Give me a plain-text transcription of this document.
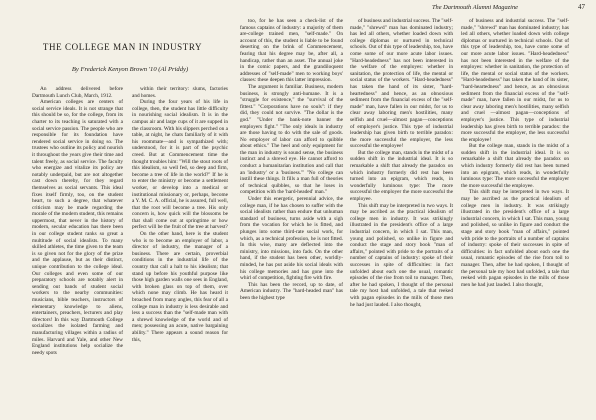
The Dartmouth Alumni Magazine	47
THE COLLEGE MAN IN INDUSTRY
By Frederick Kenyon Brown '10 (Al Priddy)

An address delivered before Dartmouth Lunch Club, March, 1912.

American colleges are centers of social service ideals. It is not strange that this should be so, for the college, from its charter to its teaching is saturated with a social service passion. The people who are responsible for its foundation have rendered social service in doing so. The trustees who outline its policy and nourish it throughout the years give their time and talent freely, as social service. The faculty who energize and vitalize its policy are notably underpaid, but are not altogether cast down thereby, for they regard themselves as social servants. This ideal fixes itself firmly, too, on the student heart, to such a degree, that whatever criticism may be made regarding the morale of the modern student, this remains uppermost, that never in the history of modern, secular education has there been in our college student ranks so great a multitude of social idealists. To many skilled athletes, the time given to the team is so given not for the glory of the prize and the applause, but as their distinct, unique contribution to the college ideal. Our colleges and even some of our preparatory schools are notably alert in sending out bands of student social workers to the nearby communities: musicians, bible teachers, instructors of elementary knowledge to aliens, entertainers, preachers, lecturers and play directors! In this way Dartmouth College socializes the isolated farming and manufacturing villages within a radius of miles. Harvard and Yale, and other New England institutions help socialize the needy spots

within their territory: slums, factories and homes.

During the four years of his life in college, then, the student has little difficulty in nourishing social idealism. It is in the campus air and large cups of it are supped in the classroom. With his slippers perched on a table, at night, he chats familiarly of it with his roommate—and is sympathized with; understood, for it is part of the psychic creed. But at Commencement time the thought troubles him: "Will the stout roots of this idealism, so well fed, so deep and firm, become a tree of life in the world?" If he is to enter the ministry or become a settlement worker, or develop into a medical or institutional missionary or, perhaps, become a Y. M. C. A. official, he is assured, full well, that the root will become a tree. His only concern is, how quick will the blossoms be that shall come out at springtime or how perfect will be the fruit of the tree at harvest?

On the other hand, here is the student who is to become an employer of labor, a director of industry, the manager of a business. There are certain, proverbial conditions in the industrial life of the country that call a halt to his idealism; that stand up before his youthful purpose like those high garden walls one sees in England, with broken glass on top of them, over which none may climb. He has heard it broached from many angles, this fear of all a college man in industry is less desirable and less a success than the "self-made man with a shrewd knowledge of the world and of men; possessing an acute, native bargaining ability." There appears a sound reason for this,

too, for he has seen a check-list of the famous captains of industry: a majority of them are-college trained men, "self-made." On account of this, the student is liable to be found deserting on the brink of Commencement, fearing that his degree may be, after all, a handicap, rather than an asset. The annual joke in the comic papers, and the grandiloquent addresses of "self-made" men to working boys' classes: these deepen this latter impression.

The argument is familiar. Business, modern business, is strongly anti-humane. It is a "struggle for existence," the "survival of the fittest." "Corporations have no souls": if they did, they could not survive. "The dollar is the god." "Under the bank-note banner the employers fight." "The only ideals in industry are those having to do with the sale of goods. No employer of labor can afford to quibble about ethics." The heel and only equipment for the man in industry is sound sense, the business instinct and a shrewd eye. He cannot afford to conduct a humanitarian institution and call that an 'industry' or a 'business.'" "No college can instill these things. It fills a man full of theories of technical quibbles, so that he loses in competition with the 'hard-headed' man."

Under this energetic, perennial advice, the college man, if he has chosen to suffer with the social idealists rather than endure that unhuman standard of business, turns aside with a sigh from the vocation for which he is fitted, and plunges into some third-rate social work, for which, as a technical profession, he is not fitted. In this wise, many are deflected into the ministry, into missions, into fads. On the other hand, if the student has been other, worldly-minded, he has put aside his social ideals with his college memories and has gone into the whirl of competition, fighting fire with fire.

This has been the record, up to date, of American industry. The "hard-headed man" has been the highest type

of business and industrial success. The "self-made," "shrewd" man has dominated industry; has led all others, whether loaded down with college diplomas or nurtured in technical schools. Out of this type of leadership, too, have come some of our more acute labor issues. "Hard-headedness" has not been interested in the welfare of the employes: whether in sanitation, the protection of life, the mental or social status of the workers. "Hard-headedness" has taken the hand of its sister, "hard-heartedness" and hence, as an obnoxious sediment from the financial excess of the "self-made" man, have fallen in our midst, for us to clear away laboring men's hostilities, many selfish and cruel—almost pagan—conceptions of employer's justice. This type of industrial leadership has given birth to terrible paradox: the more successful the employer, the less successful the employee!

But the college man, stands in the midst of a sudden shift in the industrial ideal. It is so remarkable a shift that already the paradox on which industry formerly did rest has been turned into an epigram, which reads, in wonderfully luminous type: The more successful the employer the more successful the employee.

This shift may be interpreted in two ways. It may be ascribed as the practical idealism of college men in industry. It was strikingly illustrated in the president's office of a large industrial concern, in which I sat. This man, young and polished, so unlike in figure and conduct the stage and story book "man of affairs," pointed with pride to the portraits of a number of captains of industry: spoke of their successes in spite of difficulties: in fact unfolded about each one the usual, romantic episodes of the rise from toil to manager. Then, after he had spoken, I thought of the personal tale my host had unfolded, a tale that reeked with pagan episodes in the mills of those men he had just lauded. I also thought,

of business and industrial success. The "self-made," "shrewd" man has dominated industry; has led all others, whether loaded down with college diplomas or nurtured in technical schools. Out of this type of leadership, too, have come some of our more acute labor issues. "Hard-headedness" has not been interested in the welfare of the employes: whether in sanitation, the protection of life, the mental or social status of the workers. "Hard-headedness" has taken the hand of its sister, "hard-heartedness" and hence, as an obnoxious sediment from the financial excess of the "self-made" man, have fallen in our midst, for us to clear away laboring men's hostilities, many selfish and cruel —almost pagan—conceptions of employer's justice. This type of industrial leadership has given birth to terrible paradox: the more successful the employer, the less successful the employee!

But the college man, stands in the midst of a sudden shift in the industrial ideal. It is so remarkable a shift that already the paradox on which industry formerly did rest has been turned into an epigram, which reads, in wonderfully luminous type: The more successful the employer the more successful the employee.

This shift may be interpreted in two ways. It may be ascribed as the practical idealism of college men in industry. It was strikingly illustrated in the president's office of a large industrial concern, in which I sat. This man, young and polished, so unlike in figure and conduct the stage and story book "man of affairs," pointed with pride to the portraits of a number of captains of industry: spoke of their successes in spite of difficulties: in fact unfolded about each one the usual, romantic episodes of the rise from toil to manager. Then, after he had spoken, I thought of the personal tale my host had unfolded, a tale that reeked with pagan episodes in the mills of those men he had just lauded. I also thought,
